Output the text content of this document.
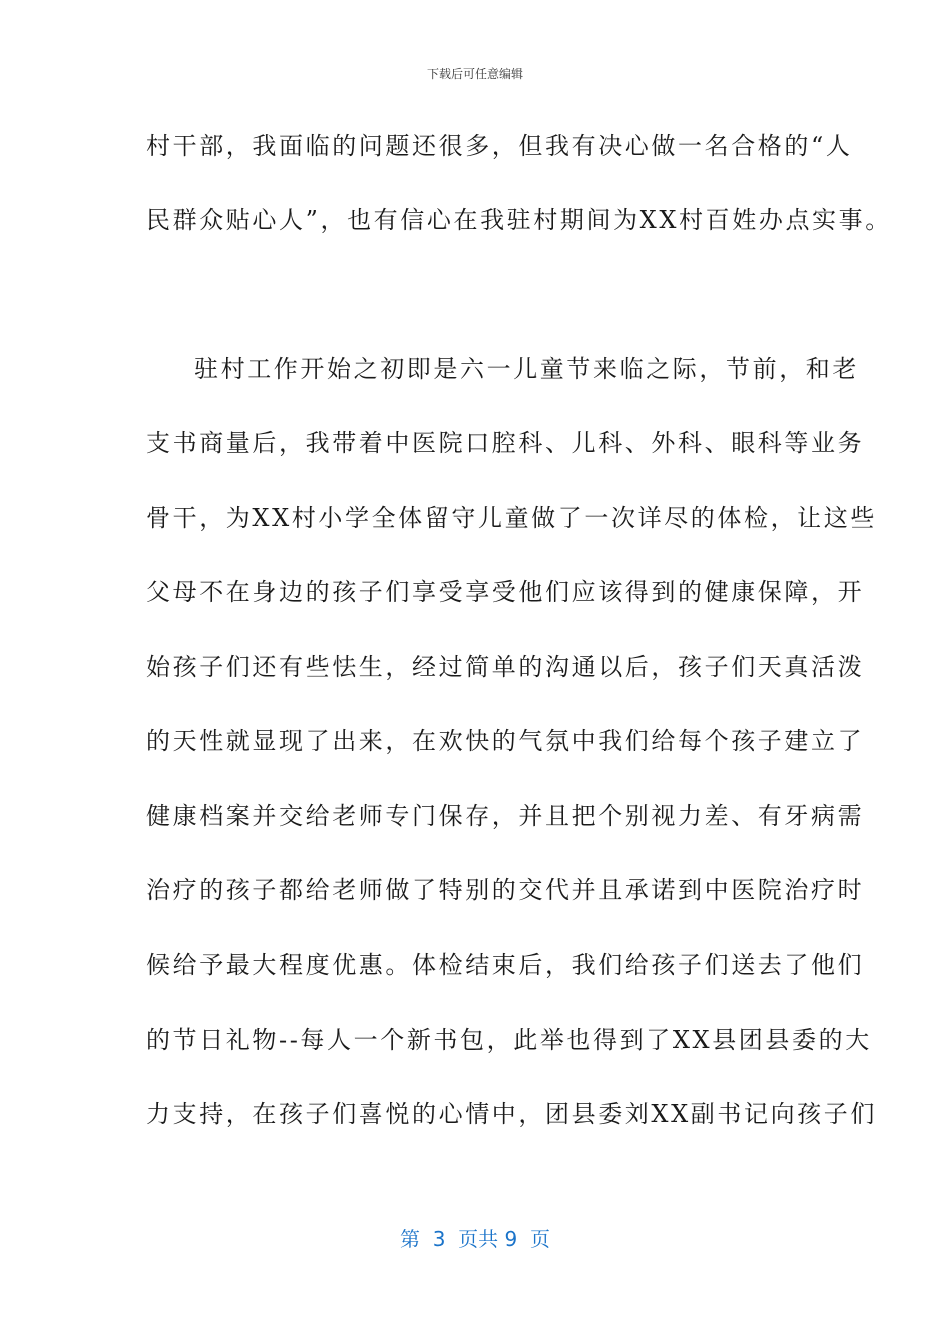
下载后可任意编辑
村干部，我面临的问题还很多，但我有决心做一名合格的“人
民群众贴心人”，也有信心在我驻村期间为XX村百姓办点实事。
驻村工作开始之初即是六一儿童节来临之际，节前，和老
支书商量后，我带着中医院口腔科、儿科、外科、眼科等业务
骨干，为XX村小学全体留守儿童做了一次详尽的体检，让这些
父母不在身边的孩子们享受享受他们应该得到的健康保障，开
始孩子们还有些怯生，经过简单的沟通以后，孩子们天真活泼
的天性就显现了出来，在欢快的气氛中我们给每个孩子建立了
健康档案并交给老师专门保存，并且把个别视力差、有牙病需
治疗的孩子都给老师做了特别的交代并且承诺到中医院治疗时
候给予最大程度优惠。体检结束后，我们给孩子们送去了他们
的节日礼物--每人一个新书包，此举也得到了XX县团县委的大
力支持，在孩子们喜悦的心情中，团县委刘XX副书记向孩子们
第  3  页共 9  页
